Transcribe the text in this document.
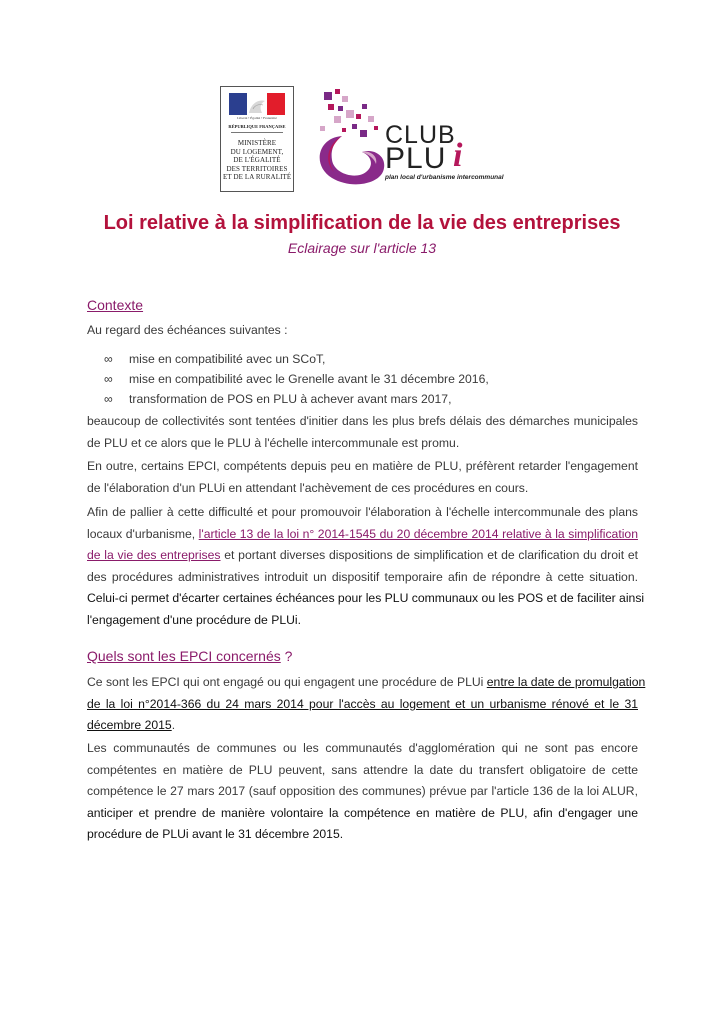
Liberté • Égalité • Fraternité
RÉPUBLIQUE FRANÇAISE
MINISTÈRE
DU LOGEMENT,
DE L'ÉGALITÉ
DES TERRITOIRES
ET DE LA RURALITÉ
CLUB
PLU i
plan local d'urbanisme intercommunal
Loi relative à la simplification de la vie des entreprises
Eclairage sur l'article 13
Contexte
Au regard des échéances suivantes :
∞	mise en compatibilité avec un SCoT,
∞	mise en compatibilité avec le Grenelle avant le 31 décembre 2016,
∞	transformation de POS en PLU à achever avant mars 2017,
beaucoup de collectivités sont tentées d'initier dans les plus brefs délais des démarches municipales
de PLU et ce alors que le PLU à l'échelle intercommunale est promu.
En outre, certains EPCI, compétents depuis peu en matière de PLU, préfèrent retarder l'engagement
de l'élaboration d'un PLUi en attendant l'achèvement de ces procédures en cours.
Afin de pallier à cette difficulté et pour promouvoir l'élaboration à l'échelle intercommunale des plans
locaux d'urbanisme, l'article 13 de la loi n° 2014-1545 du 20 décembre 2014 relative à la simplification
de la vie des entreprises et portant diverses dispositions de simplification et de clarification du droit et
des procédures administratives introduit un dispositif temporaire afin de répondre à cette situation.
Celui-ci permet d'écarter certaines échéances pour les PLU communaux ou les POS et de faciliter ainsi
l'engagement d'une procédure de PLUi.
Quels sont les EPCI concernés ?
Ce sont les EPCI qui ont engagé ou qui engagent une procédure de PLUi entre la date de promulgation
de la loi n°2014-366 du 24 mars 2014 pour l'accès au logement et un urbanisme rénové et le 31
décembre 2015.
Les communautés de communes ou les communautés d'agglomération qui ne sont pas encore
compétentes en matière de PLU peuvent, sans attendre la date du transfert obligatoire de cette
compétence le 27 mars 2017 (sauf opposition des communes) prévue par l'article 136 de la loi ALUR,
anticiper et prendre de manière volontaire la compétence en matière de PLU, afin d'engager une
procédure de PLUi avant le 31 décembre 2015.
